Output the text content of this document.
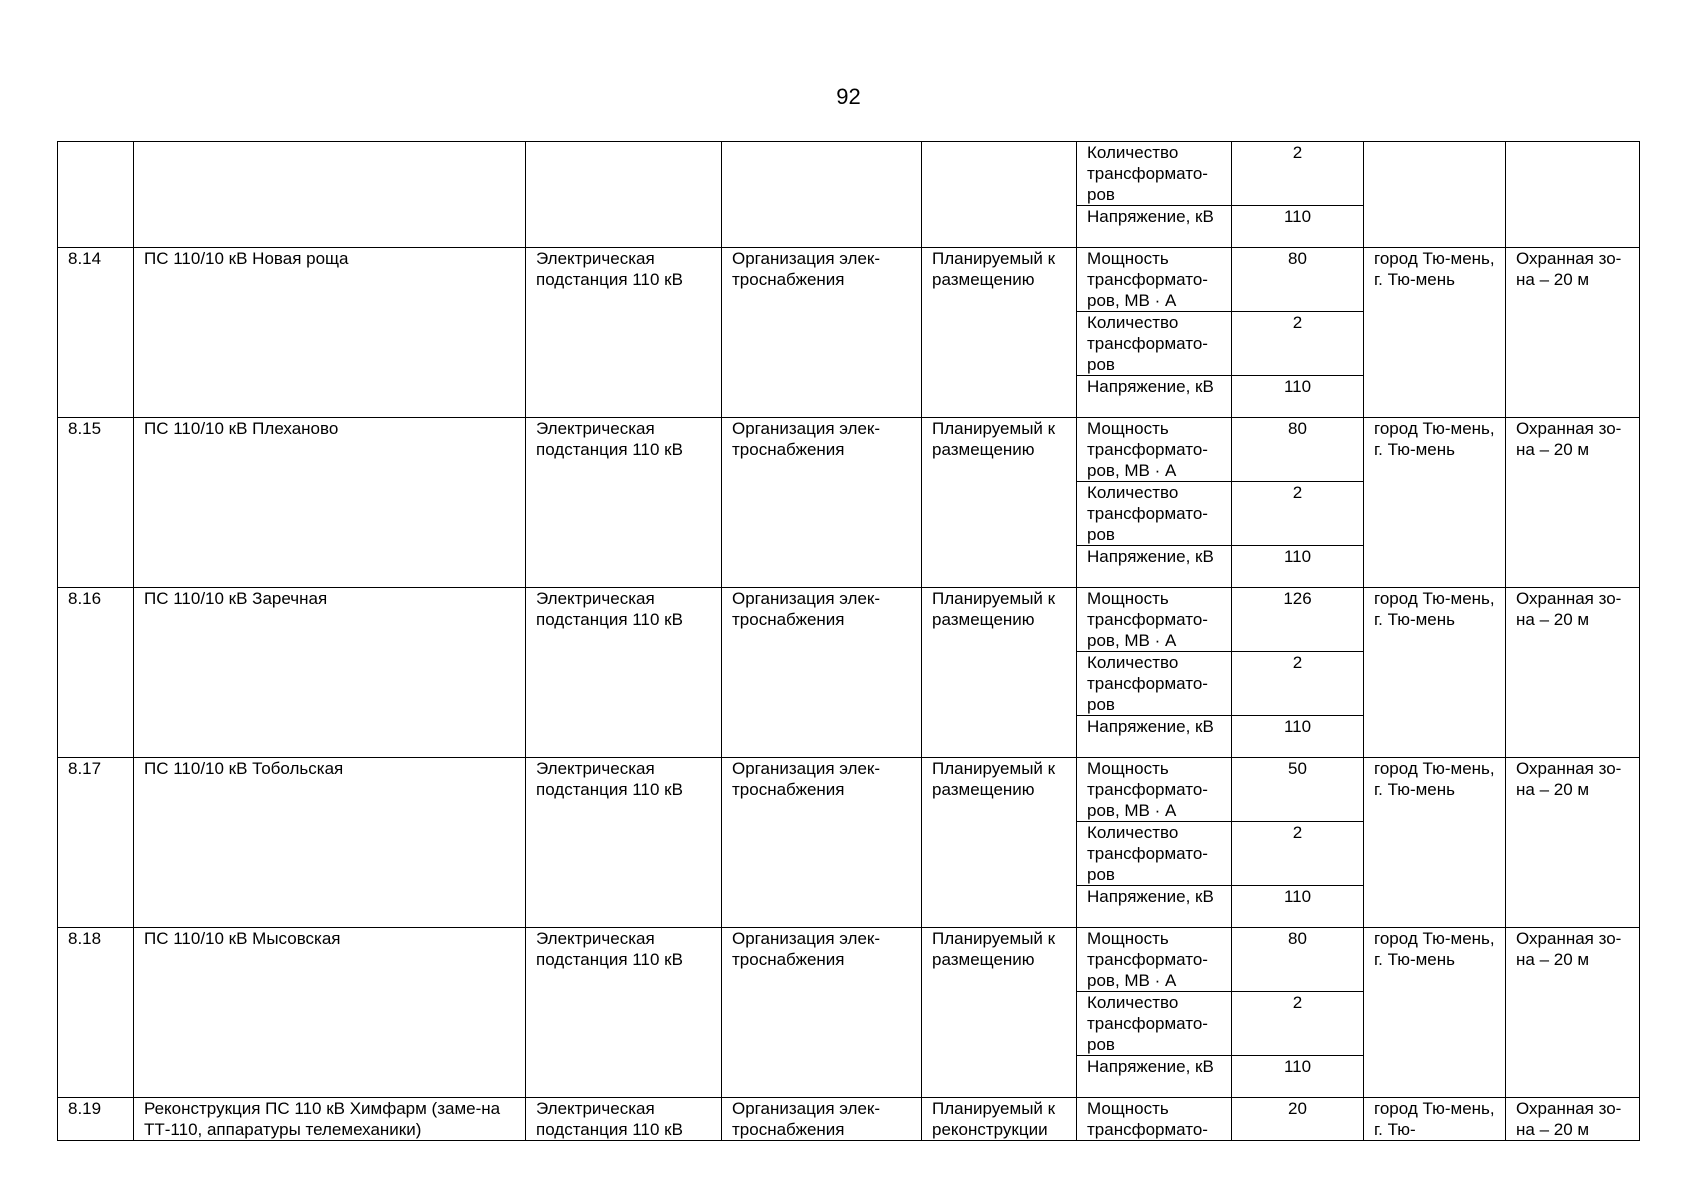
92
					Количество трансформато-ров	2		
					Напряжение, кВ	110		
8.14	ПС 110/10 кВ Новая роща	Электрическая подстанция 110 кВ	Организация элек-троснабжения	Планируемый к размещению	Мощность трансформато-ров, МВ · А	80	город Тю-мень, г. Тю-мень	Охранная зо-на – 20 м
					Количество трансформато-ров	2		
					Напряжение, кВ	110		
8.15	ПС 110/10 кВ Плеханово	Электрическая подстанция 110 кВ	Организация элек-троснабжения	Планируемый к размещению	Мощность трансформато-ров, МВ · А	80	город Тю-мень, г. Тю-мень	Охранная зо-на – 20 м
					Количество трансформато-ров	2		
					Напряжение, кВ	110		
8.16	ПС 110/10 кВ Заречная	Электрическая подстанция 110 кВ	Организация элек-троснабжения	Планируемый к размещению	Мощность трансформато-ров, МВ · А	126	город Тю-мень, г. Тю-мень	Охранная зо-на – 20 м
					Количество трансформато-ров	2		
					Напряжение, кВ	110		
8.17	ПС 110/10 кВ Тобольская	Электрическая подстанция 110 кВ	Организация элек-троснабжения	Планируемый к размещению	Мощность трансформато-ров, МВ · А	50	город Тю-мень, г. Тю-мень	Охранная зо-на – 20 м
					Количество трансформато-ров	2		
					Напряжение, кВ	110		
8.18	ПС 110/10 кВ Мысовская	Электрическая подстанция 110 кВ	Организация элек-троснабжения	Планируемый к размещению	Мощность трансформато-ров, МВ · А	80	город Тю-мень, г. Тю-мень	Охранная зо-на – 20 м
					Количество трансформато-ров	2		
					Напряжение, кВ	110		
8.19	Реконструкция ПС 110 кВ Химфарм (заме-на ТТ-110, аппаратуры телемеханики)	Электрическая подстанция 110 кВ	Организация элек-троснабжения	Планируемый к реконструкции	Мощность трансформато-	20	город Тю-мень, г. Тю-	Охранная зо-на – 20 м
